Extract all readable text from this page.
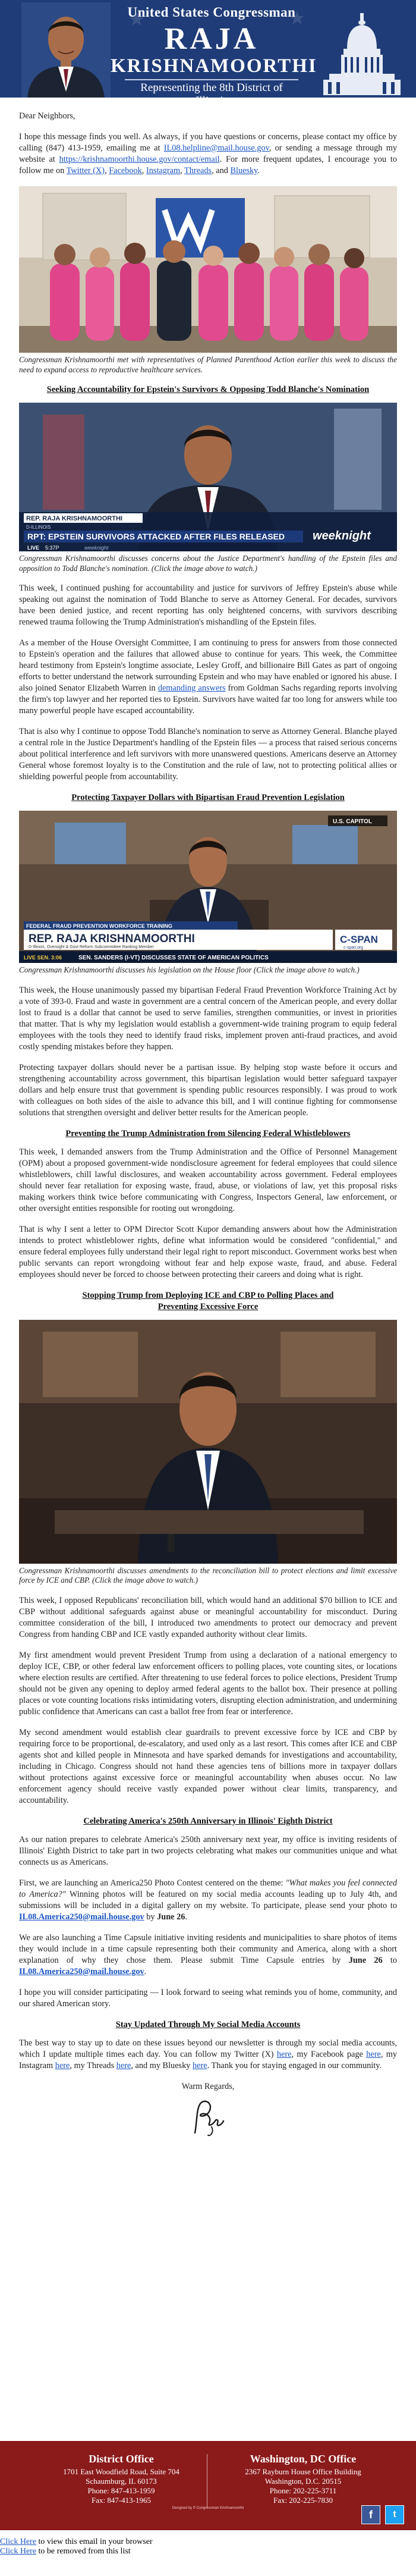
United States Congressman
RAJA
KRISHNAMOORTHI
Representing the 8th District of Illinois

Dear Neighbors,

I hope this message finds you well. As always, if you have questions or concerns, please contact my office by calling (847) 413-1959, emailing me at IL08.helpline@mail.house.gov, or sending a message through my website at https://krishnamoorthi.house.gov/contact/email. For more frequent updates, I encourage you to follow me on Twitter (X), Facebook, Instagram, Threads, and Bluesky.

Congressman Krishnamoorthi met with representatives of Planned Parenthood Action earlier this week to discuss the need to expand access to reproductive healthcare services.

Seeking Accountability for Epstein's Survivors & Opposing Todd Blanche's Nomination
REP. RAJA KRISHNAMOORTHI
D-ILLINOIS
RPT: EPSTEIN SURVIVORS ATTACKED AFTER FILES RELEASED
LIVE 5:37P
weeknight
weeknight

Congressman Krishnamoorthi discusses concerns about the Justice Department's handling of the Epstein files and opposition to Todd Blanche's nomination. (Click the image above to watch.)

This week, I continued pushing for accountability and justice for survivors of Jeffrey Epstein's abuse while speaking out against the nomination of Todd Blanche to serve as Attorney General. For decades, survivors have been denied justice, and recent reporting has only heightened concerns, with survivors describing renewed trauma following the Trump Administration's mishandling of the Epstein files.

As a member of the House Oversight Committee, I am continuing to press for answers from those connected to Epstein's operation and the failures that allowed abuse to continue for years. This week, the Committee heard testimony from Epstein's longtime associate, Lesley Groff, and billionaire Bill Gates as part of ongoing efforts to better understand the network surrounding Epstein and who may have enabled or ignored his abuse. I also joined Senator Elizabeth Warren in demanding answers from Goldman Sachs regarding reports involving the firm's top lawyer and her reported ties to Epstein. Survivors have waited far too long for answers while too many powerful people have escaped accountability.

That is also why I continue to oppose Todd Blanche's nomination to serve as Attorney General. Blanche played a central role in the Justice Department's handling of the Epstein files — a process that raised serious concerns about political interference and left survivors with more unanswered questions. Americans deserve an Attorney General whose foremost loyalty is to the Constitution and the rule of law, not to protecting political allies or shielding powerful people from accountability.

Protecting Taxpayer Dollars with Bipartisan Fraud Prevention Legislation
U.S. CAPITOL
FEDERAL FRAUD PREVENTION WORKFORCE TRAINING
REP. RAJA KRISHNAMOORTHI
D-Illinois, Oversight & Govt Reform Subcommittee Ranking Member
C-SPAN
c-span.org
LIVE SEN. 3:06	SEN. SANDERS (I-VT) DISCUSSES STATE OF AMERICAN POLITICS

Congressman Krishnamoorthi discusses his legislation on the House floor (Click the image above to watch.)

This week, the House unanimously passed my bipartisan Federal Fraud Prevention Workforce Training Act by a vote of 393-0. Fraud and waste in government are a central concern of the American people, and every dollar lost to fraud is a dollar that cannot be used to serve families, strengthen communities, or invest in priorities that matter. That is why my legislation would establish a government-wide training program to equip federal employees with the tools they need to identify fraud risks, implement proven anti-fraud practices, and avoid costly spending mistakes before they happen.

Protecting taxpayer dollars should never be a partisan issue. By helping stop waste before it occurs and strengthening accountability across government, this bipartisan legislation would better safeguard taxpayer dollars and help ensure trust that government is spending public resources responsibly. I was proud to work with colleagues on both sides of the aisle to advance this bill, and I will continue fighting for commonsense solutions that strengthen oversight and deliver better results for the American people.

Preventing the Trump Administration from Silencing Federal Whistleblowers

This week, I demanded answers from the Trump Administration and the Office of Personnel Management (OPM) about a proposed government-wide nondisclosure agreement for federal employees that could silence whistleblowers, chill lawful disclosures, and weaken accountability across government. Federal employees should never fear retaliation for exposing waste, fraud, abuse, or violations of law, yet this proposal risks making workers think twice before communicating with Congress, Inspectors General, law enforcement, or other oversight entities responsible for rooting out wrongdoing.

That is why I sent a letter to OPM Director Scott Kupor demanding answers about how the Administration intends to protect whistleblower rights, define what information would be considered "confidential," and ensure federal employees fully understand their legal right to report misconduct. Government works best when public servants can report wrongdoing without fear and help expose waste, fraud, and abuse. Federal employees should never be forced to choose between protecting their careers and doing what is right.

Stopping Trump from Deploying ICE and CBP to Polling Places and
Preventing Excessive Force

Congressman Krishnamoorthi discusses amendments to the reconciliation bill to protect elections and limit excessive force by ICE and CBP. (Click the image above to watch.)

This week, I opposed Republicans' reconciliation bill, which would hand an additional $70 billion to ICE and CBP without additional safeguards against abuse or meaningful accountability for misconduct. During committee consideration of the bill, I introduced two amendments to protect our democracy and prevent Congress from handing CBP and ICE vastly expanded authority without clear limits.

My first amendment would prevent President Trump from using a declaration of a national emergency to deploy ICE, CBP, or other federal law enforcement officers to polling places, vote counting sites, or locations where election results are certified. After threatening to use federal forces to police elections, President Trump should not be given any opening to deploy armed federal agents to the ballot box. Their presence at polling places or vote counting locations risks intimidating voters, disrupting election administration, and undermining public confidence that Americans can cast a ballot free from fear or interference.

My second amendment would establish clear guardrails to prevent excessive force by ICE and CBP by requiring force to be proportional, de-escalatory, and used only as a last resort. This comes after ICE and CBP agents shot and killed people in Minnesota and have sparked demands for investigations and accountability, including in Chicago. Congress should not hand these agencies tens of billions more in taxpayer dollars without protections against excessive force or meaningful accountability when abuses occur. No law enforcement agency should receive vastly expanded power without clear limits, transparency, and accountability.

Celebrating America's 250th Anniversary in Illinois' Eighth District

As our nation prepares to celebrate America's 250th anniversary next year, my office is inviting residents of Illinois' Eighth District to take part in two projects celebrating what makes our communities unique and what connects us as Americans.

First, we are launching an America250 Photo Contest centered on the theme: "What makes you feel connected to America?" Winning photos will be featured on my social media accounts leading up to July 4th, and submissions will be included in a digital gallery on my website. To participate, please send your photo to IL08.America250@mail.house.gov by June 26.

We are also launching a Time Capsule initiative inviting residents and municipalities to share photos of items they would include in a time capsule representing both their community and America, along with a short explanation of why they chose them. Please submit Time Capsule entries by June 26 to IL08.America250@mail.house.gov.

I hope you will consider participating — I look forward to seeing what reminds you of home, community, and our shared American story.

Stay Updated Through My Social Media Accounts

The best way to stay up to date on these issues beyond our newsletter is through my social media accounts, which I update multiple times each day. You can follow my Twitter (X) here, my Facebook page here, my Instagram here, my Threads here, and my Bluesky here. Thank you for staying engaged in our community.

Warm Regards,

District Office
1701 East Woodfield Road, Suite 704
Schaumburg, IL 60173
Phone: 847-413-1959
Fax: 847-413-1965
Washington, DC Office
2367 Rayburn House Office Building
Washington, D.C. 20515
Phone: 202-225-3711
Fax: 202-225-7830
Designed by © Congressman Krishnamoorthi
f	t
Click Here to view this email in your browser
Click Here to be removed from this list
